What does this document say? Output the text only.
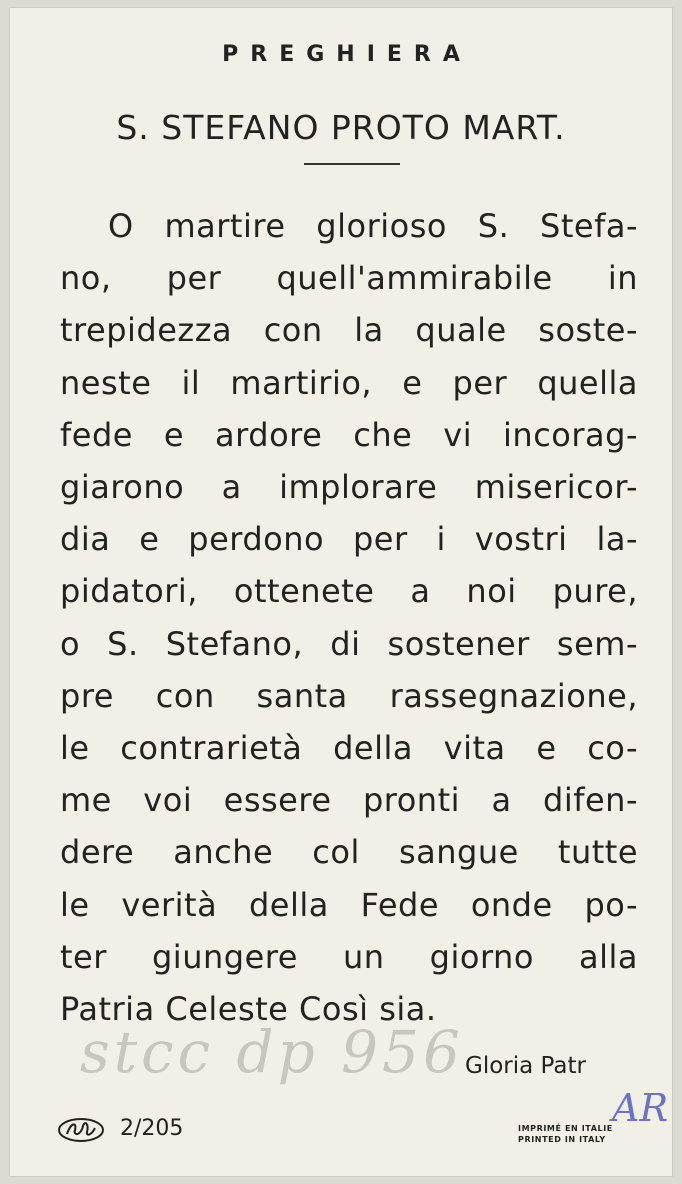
PREGHIERA
S. STEFANO PROTO MART.
O martire glorioso S. Stefa-
no, per quell'ammirabile in
trepidezza con la quale soste-
neste il martirio, e per quella
fede e ardore che vi incorag-
giarono a implorare misericor-
dia e perdono per i vostri la-
pidatori, ottenete a noi pure,
o S. Stefano, di sostener sem-
pre con santa rassegnazione,
le contrarietà della vita e co-
me voi essere pronti a difen-
dere anche col sangue tutte
le verità della Fede onde po-
ter giungere un giorno alla
Patria Celeste Così sia.
stcc dp 956 Gloria Patr
2/205	IMPRIMÉ EN ITALIE
PRINTED IN ITALY
AR
